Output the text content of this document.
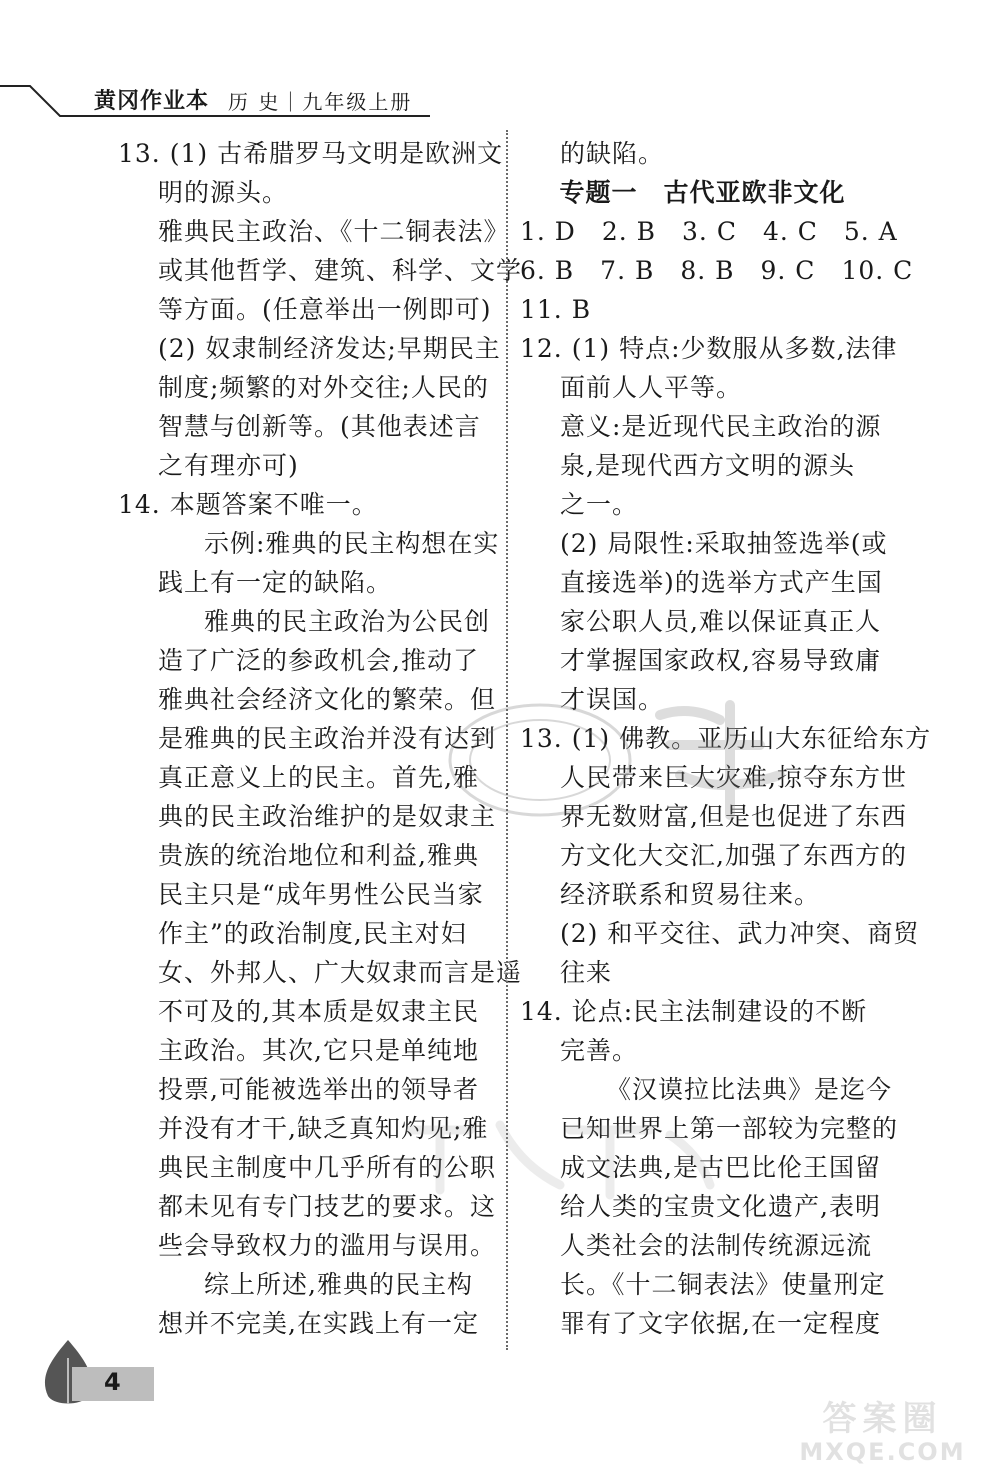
黄冈作业本 历 史｜九年级上册
13. (1) 古希腊罗马文明是欧洲文
明的源头。
雅典民主政治、《十二铜表法》
或其他哲学、建筑、科学、文学
等方面。(任意举出一例即可)
(2) 奴隶制经济发达;早期民主
制度;频繁的对外交往;人民的
智慧与创新等。(其他表述言
之有理亦可)
14. 本题答案不唯一。
示例:雅典的民主构想在实
践上有一定的缺陷。
雅典的民主政治为公民创
造了广泛的参政机会,推动了
雅典社会经济文化的繁荣。但
是雅典的民主政治并没有达到
真正意义上的民主。首先,雅
典的民主政治维护的是奴隶主
贵族的统治地位和利益,雅典
民主只是“成年男性公民当家
作主”的政治制度,民主对妇
女、外邦人、广大奴隶而言是遥
不可及的,其本质是奴隶主民
主政治。其次,它只是单纯地
投票,可能被选举出的领导者
并没有才干,缺乏真知灼见;雅
典民主制度中几乎所有的公职
都未见有专门技艺的要求。这
些会导致权力的滥用与误用。
综上所述,雅典的民主构
想并不完美,在实践上有一定
的缺陷。
专题一　古代亚欧非文化
1. D　2. B　3. C　4. C　5. A
6. B　7. B　8. B　9. C　10. C
11. B
12. (1) 特点:少数服从多数,法律
面前人人平等。
意义:是近现代民主政治的源
泉,是现代西方文明的源头
之一。
(2) 局限性:采取抽签选举(或
直接选举)的选举方式产生国
家公职人员,难以保证真正人
才掌握国家政权,容易导致庸
才误国。
13. (1) 佛教。亚历山大东征给东方
人民带来巨大灾难,掠夺东方世
界无数财富,但是也促进了东西
方文化大交汇,加强了东西方的
经济联系和贸易往来。
(2) 和平交往、武力冲突、商贸
往来
14. 论点:民主法制建设的不断
完善。
《汉谟拉比法典》是迄今
已知世界上第一部较为完整的
成文法典,是古巴比伦王国留
给人类的宝贵文化遗产,表明
人类社会的法制传统源远流
长。《十二铜表法》使量刑定
罪有了文字依据,在一定程度
答案圈
MXQE.COM
4
